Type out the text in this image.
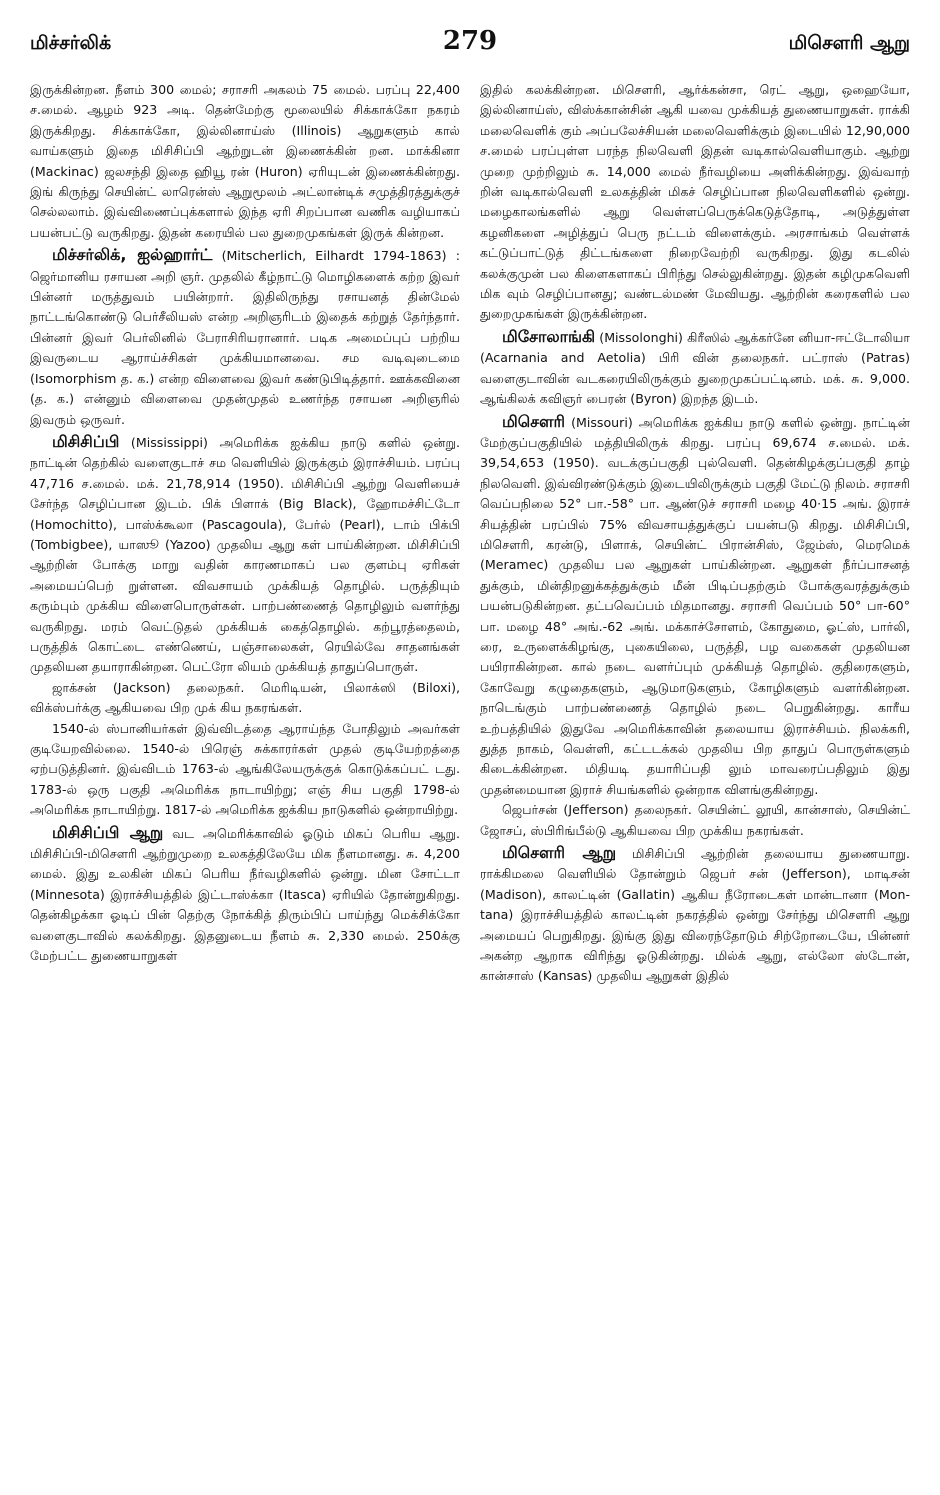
மிச்சர்லிக்	279	மிசௌரி ஆறு

இருக்கின்றன. நீளம் 300 மைல்; சராசரி அகலம் 75 மைல். பரப்பு 22,400 ச.மைல். ஆழம் 923 அடி. தென்மேற்கு மூலையில் சிக்காக்கோ நகரம் இருக்கிறது. சிக்காக்கோ, இல்லினாய்ஸ் (Illinois) ஆறுகளும் கால் வாய்களும் இதை மிசிசிப்பி ஆற்றுடன் இணைக்கின் றன. மாக்கினா (Mackinac) ஜலசந்தி இதை ஹியூ ரன் (Huron) ஏரியுடன் இணைக்கின்றது. இங் கிருந்து செயின்ட் லாரென்ஸ் ஆறுமூலம் அட்லான்டிக் சமுத்திரத்துக்குச் செல்லலாம். இவ்விணைப்புக்களால் இந்த ஏரி சிறப்பான வணிக வழியாகப் பயன்பட்டு வருகிறது. இதன் கரையில் பல துறைமுகங்கள் இருக் கின்றன.

மிச்சர்லிக், ஐல்ஹார்ட் (Mitscherlich, Eilhardt 1794-1863) : ஜெர்மானிய ரசாயன அறி ஞர். முதலில் கீழ்நாட்டு மொழிகளைக் கற்ற இவர் பின்னர் மருத்துவம் பயின்றார். இதிலிருந்து ரசாயனத் தின்மேல் நாட்டங்கொண்டு பெர்சீலியஸ் என்ற அறிஞரிடம் இதைக் கற்றுத் தேர்ந்தார். பின்னர் இவர் பெர்லினில் பேராசிரியரானார். படிக அமைப்புப் பற்றிய இவருடைய ஆராய்ச்சிகள் முக்கியமானவை. சம வடிவுடைமை (Isomorphism த. க.) என்ற விளைவை இவர் கண்டுபிடித்தார். ஊக்கவினை (த. க.) என்னும் விளைவை முதன்முதல் உணர்ந்த ரசாயன அறிஞரில் இவரும் ஒருவர்.

மிசிசிப்பி (Mississippi) அமெரிக்க ஐக்கிய நாடு களில் ஒன்று. நாட்டின் தெற்கில் வளைகுடாச் சம வெளியில் இருக்கும் இராச்சியம். பரப்பு 47,716 ச.மைல். மக். 21,78,914 (1950). மிசிசிப்பி ஆற்று வெளியைச் சேர்ந்த செழிப்பான இடம். பிக் பிளாக் (Big Black), ஹோமச்சிட்டோ (Homochitto), பாஸ்க்கூலா (Pascagoula), பேர்ல் (Pearl), டாம் பிக்பி (Tombigbee), யாஸூ (Yazoo) முதலிய ஆறு கள் பாய்கின்றன. மிசிசிப்பி ஆற்றின் போக்கு மாறு வதின் காரணமாகப் பல குளம்பு ஏரிகள் அமையப்பெற் றுள்ளன. விவசாயம் முக்கியத் தொழில். பருத்தியும் கரும்பும் முக்கிய விளைபொருள்கள். பாற்பண்ணைத் தொழிலும் வளர்ந்து வருகிறது. மரம் வெட்டுதல் முக்கியக் கைத்தொழில். கற்பூரத்தைலம், பருத்திக் கொட்டை எண்ணெய், பஞ்சாலைகள், ரெயில்வே சாதனங்கள் முதலியன தயாராகின்றன. பெட்ரோ லியம் முக்கியத் தாதுப்பொருள்.

ஜாக்சன் (Jackson) தலைநகர். மெரிடியன், பிலாக்ஸி (Biloxi), விக்ஸ்பர்க்கு ஆகியவை பிற முக் கிய நகரங்கள்.

1540-ல் ஸ்பானியர்கள் இவ்விடத்தை ஆராய்ந்த போதிலும் அவர்கள் குடியேறவில்லை. 1540-ல் பிரெஞ் சுக்காரர்கள் முதல் குடியேற்றத்தை ஏற்படுத்தினர். இவ்விடம் 1763-ல் ஆங்கிலேயருக்குக் கொடுக்கப்பட் டது. 1783-ல் ஒரு பகுதி அமெரிக்க நாடாயிற்று; எஞ் சிய பகுதி 1798-ல் அமெரிக்க நாடாயிற்று. 1817-ல் அமெரிக்க ஐக்கிய நாடுகளில் ஒன்றாயிற்று.

மிசிசிப்பி ஆறு வட அமெரிக்காவில் ஓடும் மிகப் பெரிய ஆறு. மிசிசிப்பி-மிசௌரி ஆற்றுமுறை உலகத்திலேயே மிக நீளமானது. சு. 4,200 மைல். இது உலகின் மிகப் பெரிய நீர்வழிகளில் ஒன்று. மின சோட்டா (Minnesota) இராச்சியத்தில் இட்டாஸ்க்கா (Itasca) ஏரியில் தோன்றுகிறது. தென்கிழக்கா ஓடிப் பின் தெற்கு நோக்கித் திரும்பிப் பாய்ந்து மெக்சிக்கோ வளைகுடாவில் கலக்கிறது. இதனுடைய நீளம் சு. 2,330 மைல். 250க்கு மேற்பட்ட துணையாறுகள்

இதில் கலக்கின்றன. மிசௌரி, ஆர்க்கன்சா, ரெட் ஆறு, ஒஹையோ, இல்லினாய்ஸ், விஸ்க்கான்சின் ஆகி யவை முக்கியத் துணையாறுகள். ராக்கி மலைவெளிக் கும் அப்பலேச்சியன் மலைவெளிக்கும் இடையில் 12,90,000 ச.மைல் பரப்புள்ள பரந்த நிலவெளி இதன் வடிகால்வெளியாகும். ஆற்று முறை முற்றிலும் சு. 14,000 மைல் நீர்வழியை அளிக்கின்றது. இவ்வாற் றின் வடிகால்வெளி உலகத்தின் மிகச் செழிப்பான நிலவெளிகளில் ஒன்று. மழைகாலங்களில் ஆறு வெள்ளப்பெருக்கெடுத்தோடி, அடுத்துள்ள கழனிகளை அழித்துப் பெரு நட்டம் விளைக்கும். அரசாங்கம் வெள்ளக் கட்டுப்பாட்டுத் திட்டங்களை நிறைவேற்றி வருகிறது. இது கடலில் கலக்குமுன் பல கிளைகளாகப் பிரிந்து செல்லுகின்றது. இதன் கழிமுகவெளி மிக வும் செழிப்பானது; வண்டல்மண் மேவியது. ஆற்றின் கரைகளில் பல துறைமுகங்கள் இருக்கின்றன.

மிசோலாங்கி (Missolonghi) கிரீஸில் ஆக்கர்னே னியா-ஈட்டோலியா (Acarnania and Aetolia) பிரி வின் தலைநகர். பட்ராஸ் (Patras) வளைகுடாவின் வடகரையிலிருக்கும் துறைமுகப்பட்டினம். மக். சு. 9,000. ஆங்கிலக் கவிஞர் பைரன் (Byron) இறந்த இடம்.

மிசௌரி (Missouri) அமெரிக்க ஐக்கிய நாடு களில் ஒன்று. நாட்டின் மேற்குப்பகுதியில் மத்தியிலிருக் கிறது. பரப்பு 69,674 ச.மைல். மக். 39,54,653 (1950). வடக்குப்பகுதி புல்வெளி. தென்கிழக்குப்பகுதி தாழ் நிலவெளி. இவ்விரண்டுக்கும் இடையிலிருக்கும் பகுதி மேட்டு நிலம். சராசரி வெப்பநிலை 52° பா.-58° பா. ஆண்டுச் சராசரி மழை 40·15 அங். இராச் சியத்தின் பரப்பில் 75% விவசாயத்துக்குப் பயன்படு கிறது. மிசிசிப்பி, மிசௌரி, கரன்டு, பிளாக், செயின்ட் பிரான்சிஸ், ஜேம்ஸ், மெரமெக் (Meramec) முதலிய பல ஆறுகள் பாய்கின்றன. ஆறுகள் நீர்ப்பாசனத் துக்கும், மின்திறனுக்கத்துக்கும் மீன் பிடிப்பதற்கும் போக்குவரத்துக்கும் பயன்படுகின்றன. தட்பவெப்பம் மிதமானது. சராசரி வெப்பம் 50° பா-60° பா. மழை 48° அங்.-62 அங். மக்காச்சோளம், கோதுமை, ஓட்ஸ், பார்லி, ரை, உருளைக்கிழங்கு, புகையிலை, பருத்தி, பழ வகைகள் முதலியன பயிராகின்றன. கால் நடை வளர்ப்பும் முக்கியத் தொழில். குதிரைகளும், கோவேறு கழுதைகளும், ஆடுமாடுகளும், கோழிகளும் வளர்கின்றன. நாடெங்கும் பாற்பண்ணைத் தொழில் நடை பெறுகின்றது. காரீய உற்பத்தியில் இதுவே அமெரிக்காவின் தலையாய இராச்சியம். நிலக்கரி, துத்த நாகம், வெள்ளி, கட்டடக்கல் முதலிய பிற தாதுப் பொருள்களும் கிடைக்கின்றன. மிதியடி தயாரிப்பதி லும் மாவரைப்பதிலும் இது முதன்மையான இராச் சியங்களில் ஒன்றாக விளங்குகின்றது.

ஜெபர்சன் (Jefferson) தலைநகர். செயின்ட் லூயி, கான்சாஸ், செயின்ட் ஜோசப், ஸ்பிரிங்பீல்டு ஆகியவை பிற முக்கிய நகரங்கள்.

மிசௌரி ஆறு மிசிசிப்பி ஆற்றின் தலையாய துணையாறு. ராக்கிமலை வெளியில் தோன்றும் ஜெபர் சன் (Jefferson), மாடிசன் (Madison), காலட்டின் (Gallatin) ஆகிய நீரோடைகள் மான்டானா (Mon- tana) இராச்சியத்தில் காலட்டின் நகரத்தில் ஒன்று சேர்ந்து மிசௌரி ஆறு அமையப் பெறுகிறது. இங்கு இது விரைந்தோடும் சிற்றோடையே, பின்னர் அகன்ற ஆறாக விரிந்து ஓடுகின்றது. மில்க் ஆறு, எல்லோ ஸ்டோன், கான்சாஸ் (Kansas) முதலிய ஆறுகள் இதில்
